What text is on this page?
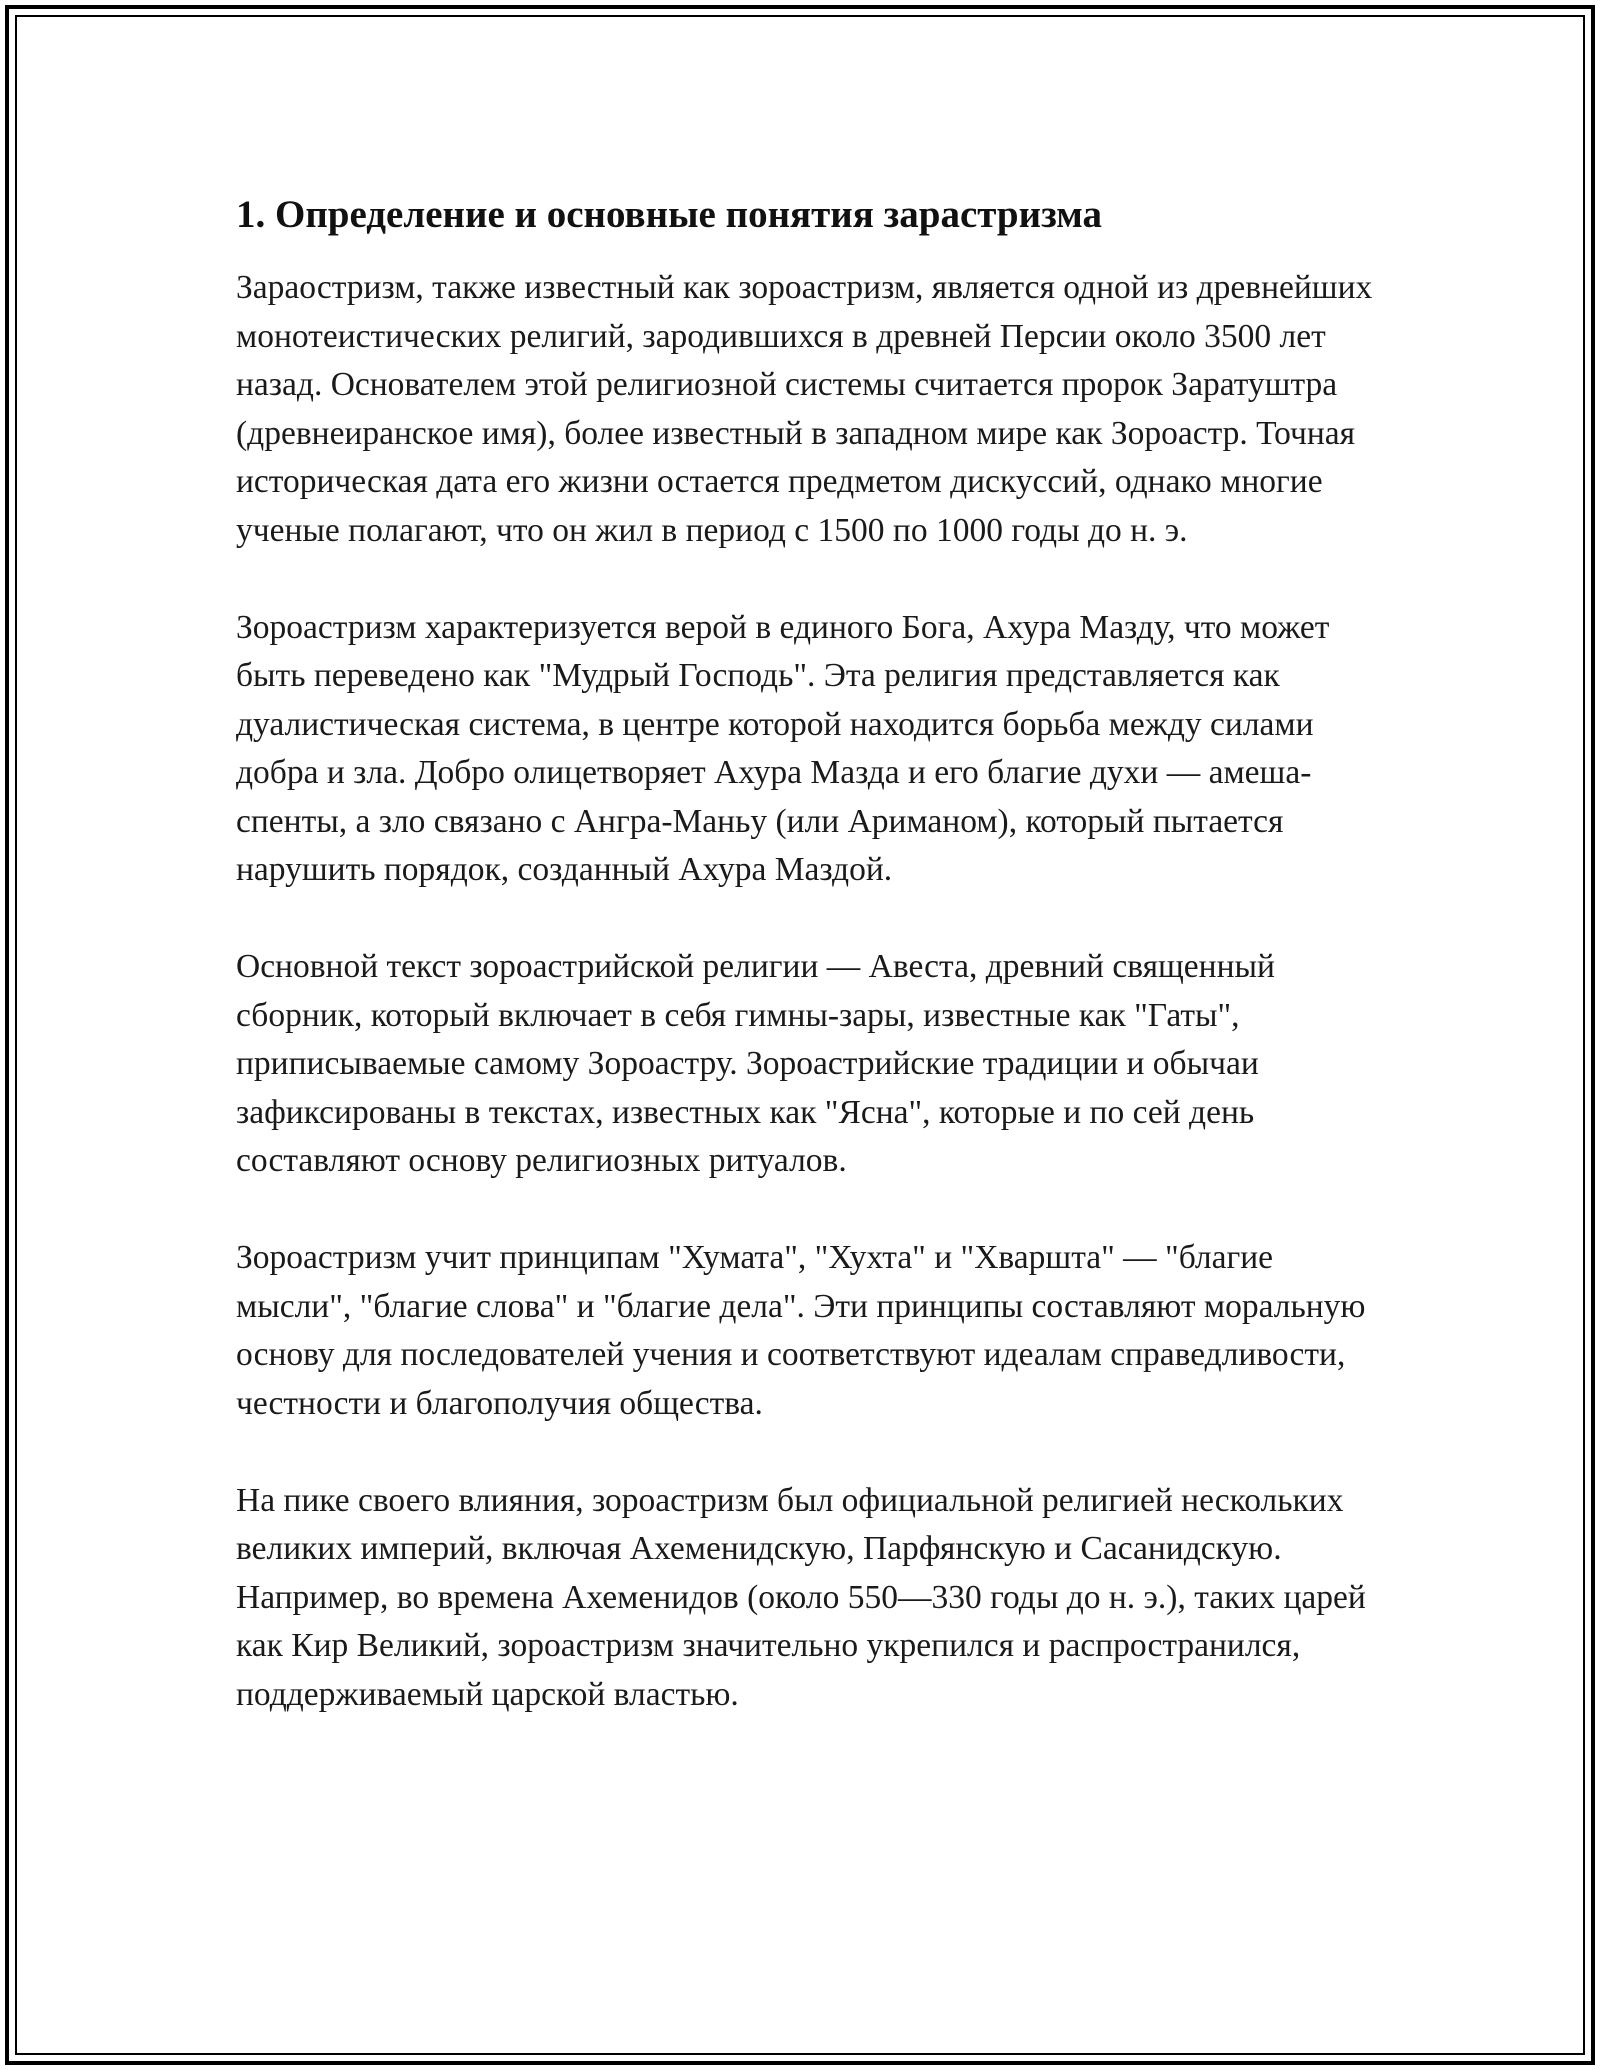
1. Определение и основные понятия зарастризма

Зараостризм, также известный как зороастризм, является одной из древнейших монотеистических религий, зародившихся в древней Персии около 3500 лет назад. Основателем этой религиозной системы считается пророк Заратуштра (древнеиранское имя), более известный в западном мире как Зороастр. Точная историческая дата его жизни остается предметом дискуссий, однако многие ученые полагают, что он жил в период с 1500 по 1000 годы до н. э.

Зороастризм характеризуется верой в единого Бога, Ахура Мазду, что может быть переведено как "Мудрый Господь". Эта религия представляется как дуалистическая система, в центре которой находится борьба между силами добра и зла. Добро олицетворяет Ахура Мазда и его благие духи — амеша-спенты, а зло связано с Ангра-Маньу (или Ариманом), который пытается нарушить порядок, созданный Ахура Маздой.

Основной текст зороастрийской религии — Авеста, древний священный сборник, который включает в себя гимны-зары, известные как "Гаты", приписываемые самому Зороастру. Зороастрийские традиции и обычаи зафиксированы в текстах, известных как "Ясна", которые и по сей день составляют основу религиозных ритуалов.

Зороастризм учит принципам "Хумата", "Хухта" и "Хваршта" — "благие мысли", "благие слова" и "благие дела". Эти принципы составляют моральную основу для последователей учения и соответствуют идеалам справедливости, честности и благополучия общества.

На пике своего влияния, зороастризм был официальной религией нескольких великих империй, включая Ахеменидскую, Парфянскую и Сасанидскую. Например, во времена Ахеменидов (около 550—330 годы до н. э.), таких царей как Кир Великий, зороастризм значительно укрепился и распространился, поддерживаемый царской властью.
